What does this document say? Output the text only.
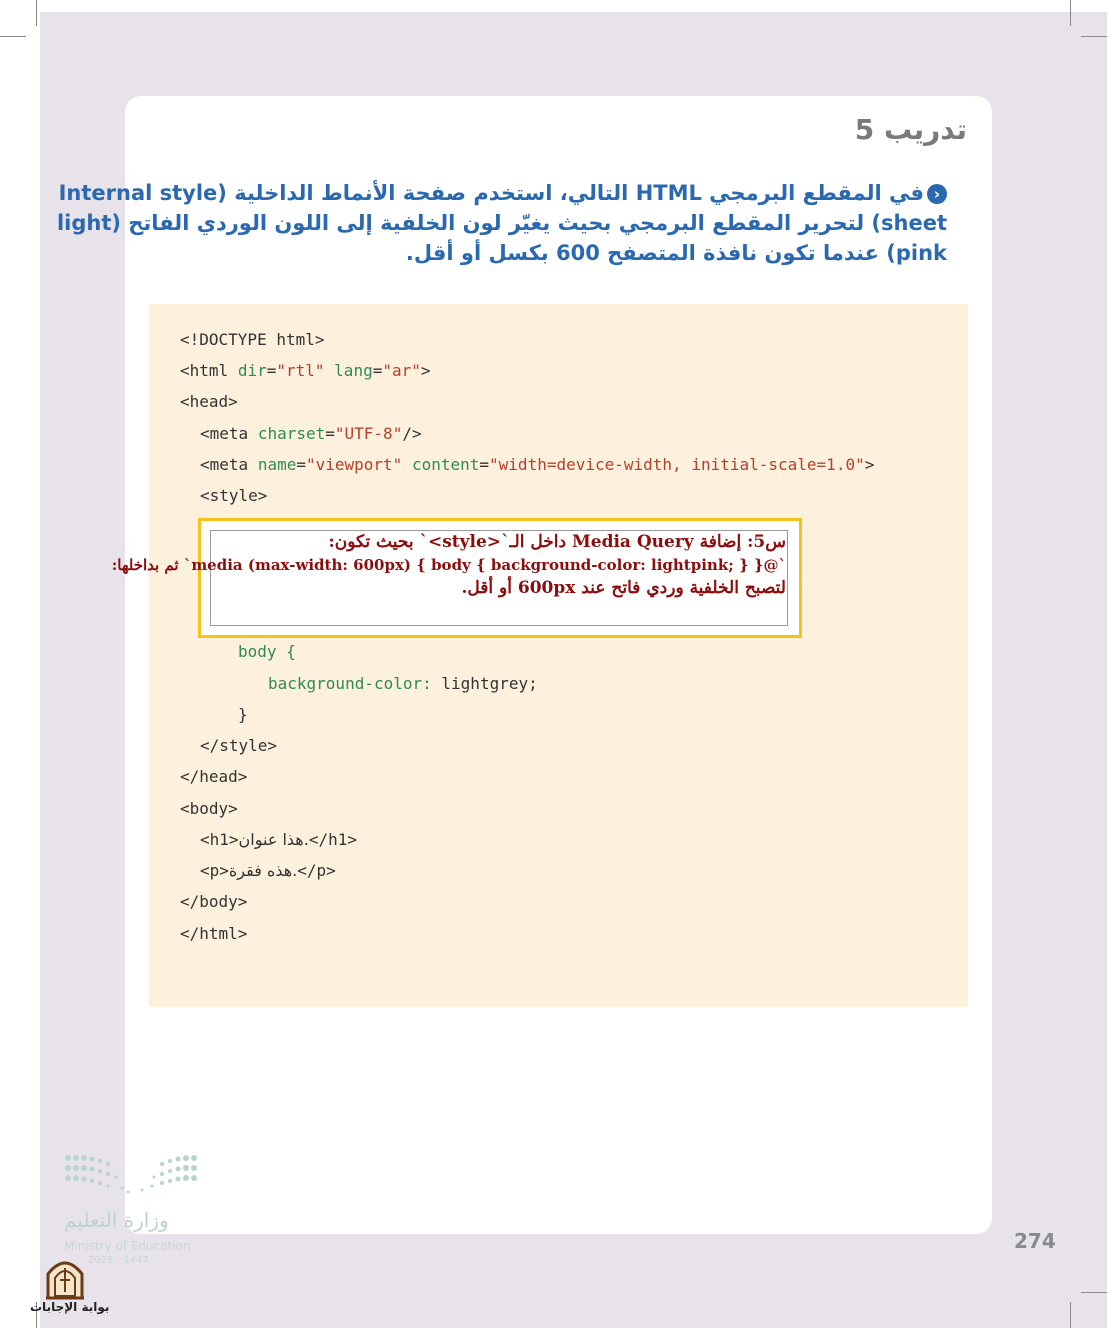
تدريب 5
‹في المقطع البرمجي HTML التالي، استخدم صفحة الأنماط الداخلية (Internal style
sheet) لتحرير المقطع البرمجي بحيث يغيّر لون الخلفية إلى اللون الوردي الفاتح (light
pink) عندما تكون نافذة المتصفح 600 بكسل أو أقل.
<!DOCTYPE html>
<html dir="rtl" lang="ar">
<head>
<meta charset="UTF-8"/>
<meta name="viewport" content="width=device-width, initial-scale=1.0">
<style>
body {
background-color: lightgrey;
}
</style>
</head>
<body>
<h1>هذا عنوان.</h1>
<p>هذه فقرة.</p>
</body>
</html>
س5: إضافة Media Query داخل الـ`<style>` بحيث تكون:
`@media (max-width: 600px) { body { background-color: lightpink; } }` ثم بداخلها:
لتصبح الخلفية وردي فاتح عند 600px أو أقل.
274
وزارة التعليم
Ministry of Education
2025 - 1447
بوابة الإجابات
